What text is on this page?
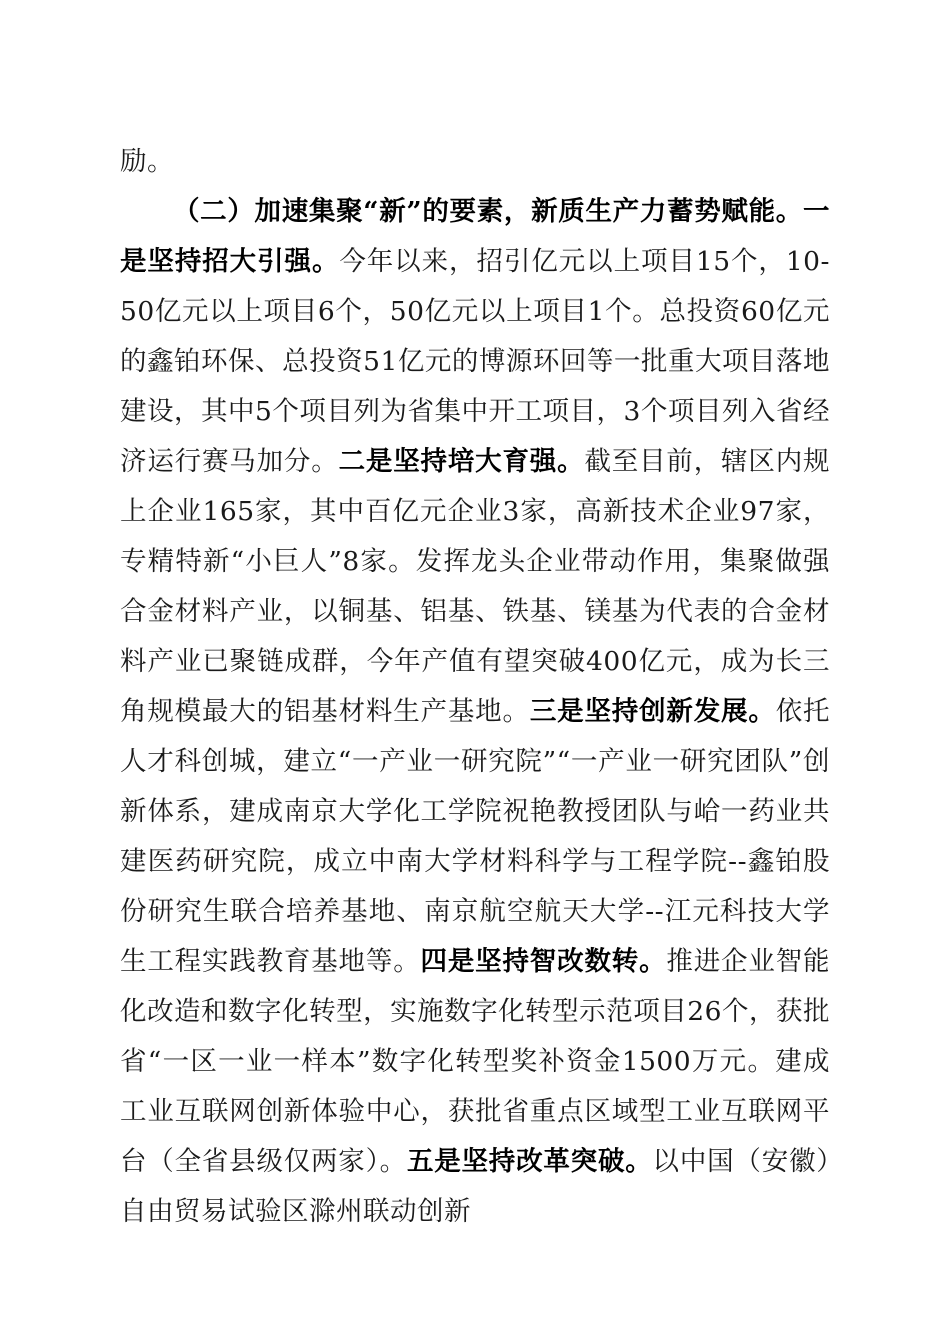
励。

（二）加速集聚“新”的要素，新质生产力蓄势赋能。一是坚持招大引强。今年以来，招引亿元以上项目15个，10-50亿元以上项目6个，50亿元以上项目1个。总投资60亿元的鑫铂环保、总投资51亿元的博源环回等一批重大项目落地建设，其中5个项目列为省集中开工项目，3个项目列入省经济运行赛马加分。二是坚持培大育强。截至目前，辖区内规上企业165家，其中百亿元企业3家，高新技术企业97家，专精特新“小巨人”8家。发挥龙头企业带动作用，集聚做强合金材料产业，以铜基、铝基、铁基、镁基为代表的合金材料产业已聚链成群，今年产值有望突破400亿元，成为长三角规模最大的铝基材料生产基地。三是坚持创新发展。依托人才科创城，建立“一产业一研究院”“一产业一研究团队”创新体系，建成南京大学化工学院祝艳教授团队与峆一药业共建医药研究院，成立中南大学材料科学与工程学院--鑫铂股份研究生联合培养基地、南京航空航天大学--江元科技大学生工程实践教育基地等。四是坚持智改数转。推进企业智能化改造和数字化转型，实施数字化转型示范项目26个，获批省“一区一业一样本”数字化转型奖补资金1500万元。建成工业互联网创新体验中心，获批省重点区域型工业互联网平台（全省县级仅两家）。五是坚持改革突破。以中国（安徽）自由贸易试验区滁州联动创新
